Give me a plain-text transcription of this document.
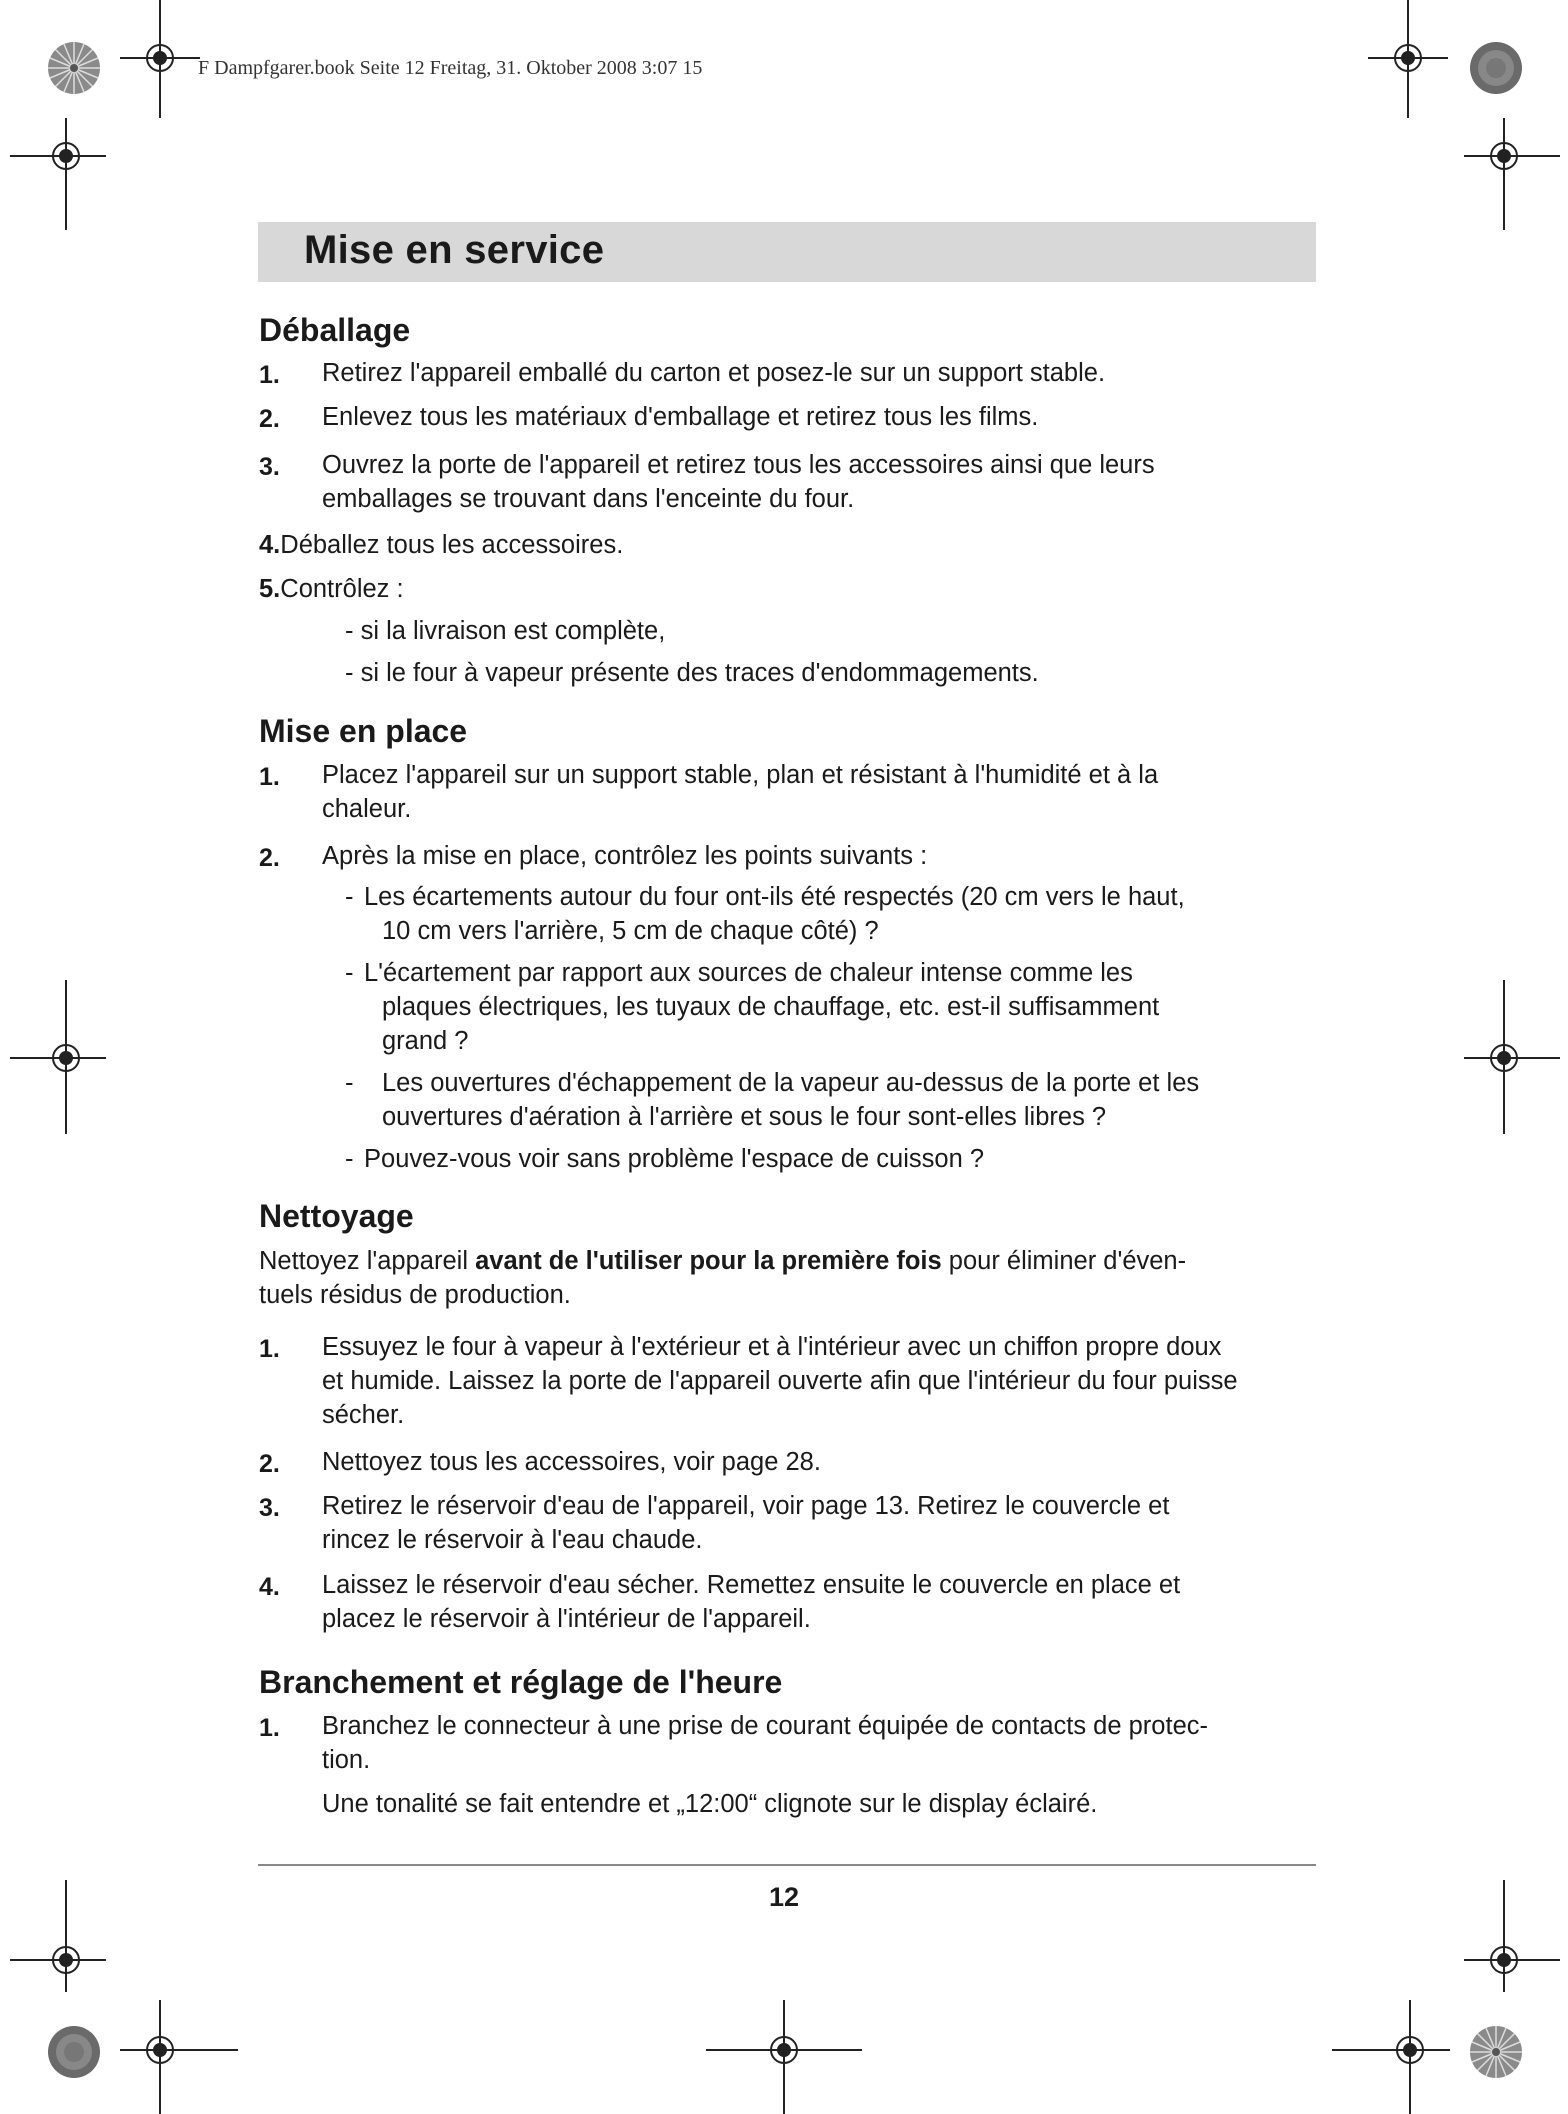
F Dampfgarer.book Seite 12 Freitag, 31. Oktober 2008 3:07 15
Mise en service
Déballage
1. Retirez l'appareil emballé du carton et posez-le sur un support stable.
2. Enlevez tous les matériaux d'emballage et retirez tous les films.
3. Ouvrez la porte de l'appareil et retirez tous les accessoires ainsi que leurs
emballages se trouvant dans l'enceinte du four.
4.Déballez tous les accessoires.
5.Contrôlez :
- si la livraison est complète,
- si le four à vapeur présente des traces d'endommagements.
Mise en place
1. Placez l'appareil sur un support stable, plan et résistant à l'humidité et à la
chaleur.
2. Après la mise en place, contrôlez les points suivants :
- Les écartements autour du four ont-ils été respectés (20 cm vers le haut,
10 cm vers l'arrière, 5 cm de chaque côté) ?
- L'écartement par rapport aux sources de chaleur intense comme les
plaques électriques, les tuyaux de chauffage, etc. est-il suffisamment
grand ?
- Les ouvertures d'échappement de la vapeur au-dessus de la porte et les
ouvertures d'aération à l'arrière et sous le four sont-elles libres ?
- Pouvez-vous voir sans problème l'espace de cuisson ?
Nettoyage
Nettoyez l'appareil avant de l'utiliser pour la première fois pour éliminer d'éven-
tuels résidus de production.
1. Essuyez le four à vapeur à l'extérieur et à l'intérieur avec un chiffon propre doux
et humide. Laissez la porte de l'appareil ouverte afin que l'intérieur du four puisse
sécher.
2. Nettoyez tous les accessoires, voir page 28.
3. Retirez le réservoir d'eau de l'appareil, voir page 13. Retirez le couvercle et
rincez le réservoir à l'eau chaude.
4. Laissez le réservoir d'eau sécher. Remettez ensuite le couvercle en place et
placez le réservoir à l'intérieur de l'appareil.
Branchement et réglage de l'heure
1. Branchez le connecteur à une prise de courant équipée de contacts de protec-
tion.
Une tonalité se fait entendre et „12:00“ clignote sur le display éclairé.
12
